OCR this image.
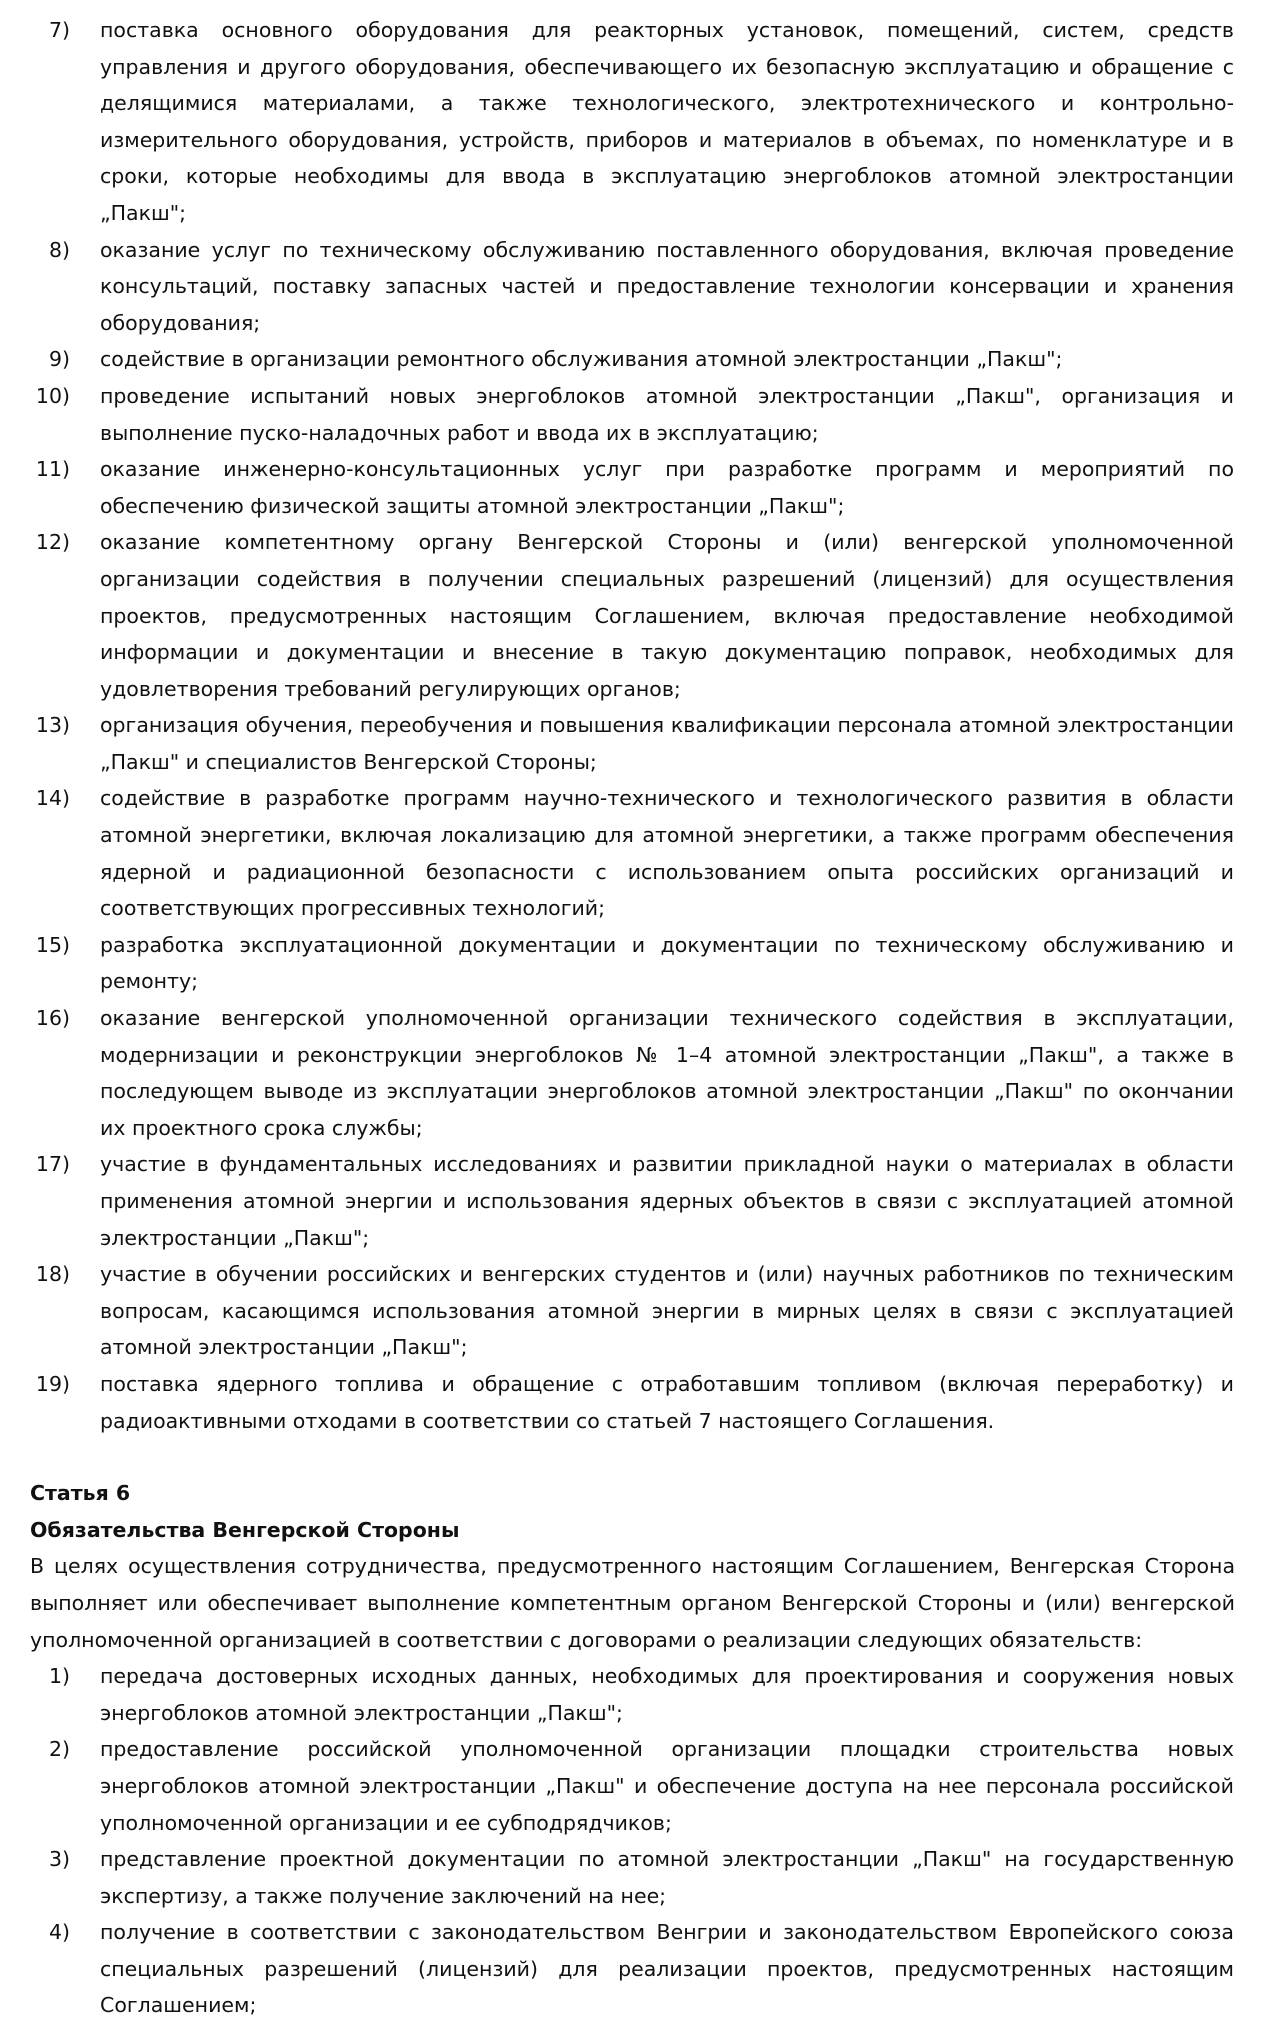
7)	поставка основного оборудования для реакторных установок, помещений, систем, средств управления и другого оборудования, обеспечивающего их безопасную эксплуатацию и обращение с делящимися материалами, а также технологического, электротехнического и контрольно-измерительного оборудования, устройств, приборов и материалов в объемах, по номенклатуре и в сроки, которые необходимы для ввода в эксплуатацию энергоблоков атомной электростанции „Пакш";
8)	оказание услуг по техническому обслуживанию поставленного оборудования, включая проведение консультаций, поставку запасных частей и предоставление технологии консервации и хранения оборудования;
9)	содействие в организации ремонтного обслуживания атомной электростанции „Пакш";
10)	проведение испытаний новых энергоблоков атомной электростанции „Пакш", организация и выполнение пуско-наладочных работ и ввода их в эксплуатацию;
11)	оказание инженерно-консультационных услуг при разработке программ и мероприятий по обеспечению физической защиты атомной электростанции „Пакш";
12)	оказание компетентному органу Венгерской Стороны и (или) венгерской уполномоченной организации содействия в получении специальных разрешений (лицензий) для осуществления проектов, предусмотренных настоящим Соглашением, включая предоставление необходимой информации и документации и внесение в такую документацию поправок, необходимых для удовлетворения требований регулирующих органов;
13)	организация обучения, переобучения и повышения квалификации персонала атомной электростанции „Пакш" и специалистов Венгерской Стороны;
14)	содействие в разработке программ научно-технического и технологического развития в области атомной энергетики, включая локализацию для атомной энергетики, а также программ обеспечения ядерной и радиационной безопасности с использованием опыта российских организаций и соответствующих прогрессивных технологий;
15)	разработка эксплуатационной документации и документации по техническому обслуживанию и ремонту;
16)	оказание венгерской уполномоченной организации технического содействия в эксплуатации, модернизации и реконструкции энергоблоков № 1–4 атомной электростанции „Пакш", а также в последующем выводе из эксплуатации энергоблоков атомной электростанции „Пакш" по окончании их проектного срока службы;
17)	участие в фундаментальных исследованиях и развитии прикладной науки о материалах в области применения атомной энергии и использования ядерных объектов в связи с эксплуатацией атомной электростанции „Пакш";
18)	участие в обучении российских и венгерских студентов и (или) научных работников по техническим вопросам, касающимся использования атомной энергии в мирных целях в связи с эксплуатацией атомной электростанции „Пакш";
19)	поставка ядерного топлива и обращение с отработавшим топливом (включая переработку) и радиоактивными отходами в соответствии со статьей 7 настоящего Соглашения.
Статья 6
Обязательства Венгерской Стороны
В целях осуществления сотрудничества, предусмотренного настоящим Соглашением, Венгерская Сторона выполняет или обеспечивает выполнение компетентным органом Венгерской Стороны и (или) венгерской уполномоченной организацией в соответствии с договорами о реализации следующих обязательств:
1)	передача достоверных исходных данных, необходимых для проектирования и сооружения новых энергоблоков атомной электростанции „Пакш";
2)	предоставление российской уполномоченной организации площадки строительства новых энергоблоков атомной электростанции „Пакш" и обеспечение доступа на нее персонала российской уполномоченной организации и ее субподрядчиков;
3)	представление проектной документации по атомной электростанции „Пакш" на государственную экспертизу, а также получение заключений на нее;
4)	получение в соответствии с законодательством Венгрии и законодательством Европейского союза специальных разрешений (лицензий) для реализации проектов, предусмотренных настоящим Соглашением;
